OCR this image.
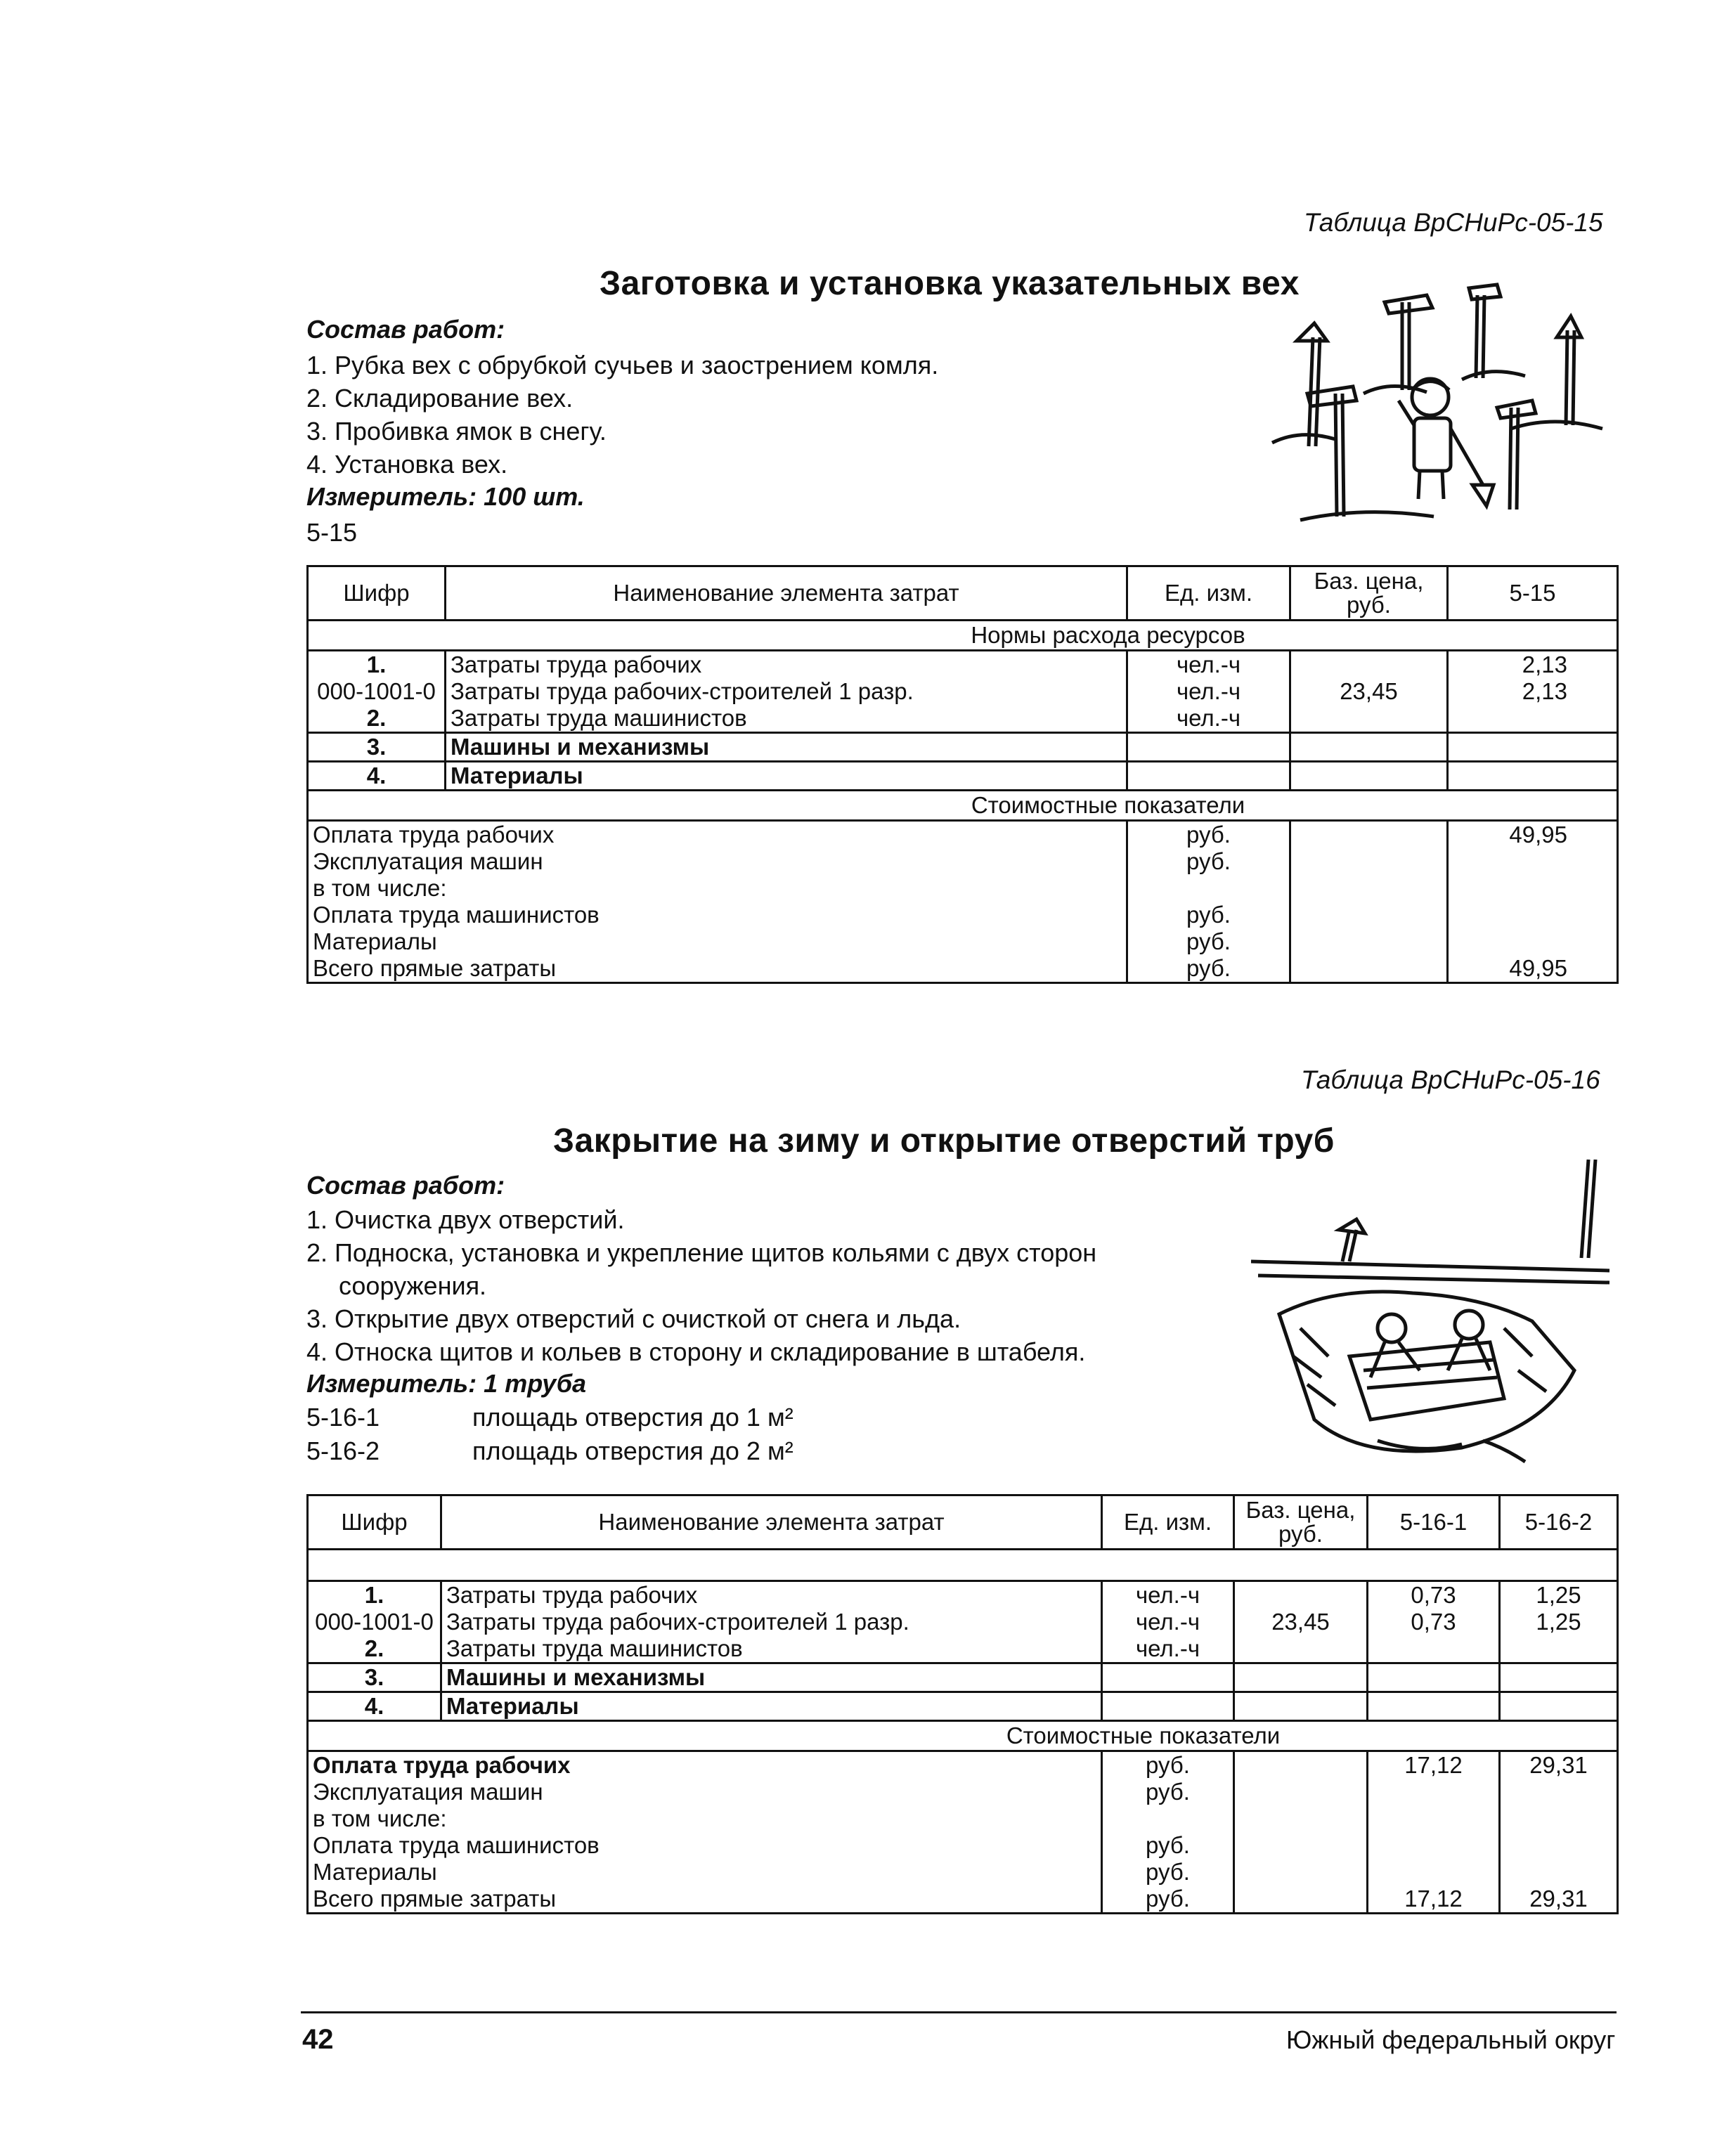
Таблица ВрСНиРс-05-15
Заготовка и установка указательных вех
Состав работ:
1. Рубка вех с обрубкой сучьев и заострением комля.
2. Складирование вех.
3. Пробивка ямок в снегу.
4. Установка вех.
Измеритель: 100 шт.
5-15
Шифр	Наименование элемента затрат	Ед. изм.	Баз. цена, руб.	5-15
Нормы расхода ресурсов				
1.	Затраты труда рабочих	чел.-ч		2,13
000-1001-0	Затраты труда рабочих-строителей 1 разр.	чел.-ч	23,45	2,13
2.	Затраты труда машинистов	чел.-ч		
3.	Машины и механизмы			
4.	Материалы			
Стоимостные показатели				
Оплата труда рабочих		руб.		49,95
Эксплуатация машин		руб.		
в том числе:				
Оплата труда машинистов		руб.		
Материалы		руб.		
Всего прямые затраты		руб.		49,95
Таблица ВрСНиРс-05-16
Закрытие на зиму и открытие отверстий труб
Состав работ:
1. Очистка двух отверстий.
2. Подноска, установка и укрепление щитов кольями с двух сторон
сооружения.
3. Открытие двух отверстий с очисткой от снега и льда.
4. Относка щитов и кольев в сторону и складирование в штабеля.
Измеритель: 1 труба
5-16-1	площадь отверстия до 1 м²
5-16-2	площадь отверстия до 2 м²
Шифр	Наименование элемента затрат	Ед. изм.	Баз. цена, руб.	5-16-1	5-16-2

1.	Затраты труда рабочих	чел.-ч		0,73	1,25
000-1001-0	Затраты труда рабочих-строителей 1 разр.	чел.-ч	23,45	0,73	1,25
2.	Затраты труда машинистов	чел.-ч			
3.	Машины и механизмы				
4.	Материалы				
Стоимостные показатели					
Оплата труда рабочих		руб.		17,12	29,31
Эксплуатация машин		руб.			
в том числе:					
Оплата труда машинистов		руб.			
Материалы		руб.			
Всего прямые затраты		руб.		17,12	29,31
42	Южный федеральный округ
